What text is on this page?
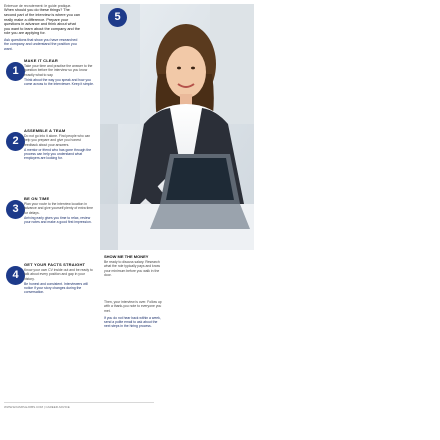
Entrevue de recrutement: le guide pratique.
When should you do these things? The second part of the interview is where you can really make a difference. Prepare your questions in advance and think about what you want to learn about the company and the role you are applying for.
Ask questions that show you have researched the company and understand the position you want.
5
1
MAKE IT CLEAR
Take your time and practise the answer to the question before the interview so you know exactly what to say.
Think about the way you speak and how you come across to the interviewer. Keep it simple.
2
ASSEMBLE A TEAM
Do not go into it alone. Find people who can help you prepare and give you honest feedback about your answers.
A mentor or friend who has gone through the process can help you understand what employers are looking for.
3
BE ON TIME
Plan your route to the interview location in advance and give yourself plenty of extra time for delays.
Arriving early gives you time to relax, review your notes and make a good first impression.
4
GET YOUR FACTS STRAIGHT
Know your own CV inside out and be ready to talk about every position and gap in your history.
Be honest and consistent. Interviewers will notice if your story changes during the conversation.
SHOW ME THE MONEY
Be ready to discuss salary. Research what the role typically pays and know your minimum before you walk in the door.
Then, your interview is over. Follow up with a thank-you note to everyone you met.
If you do not hear back within a week, send a polite email to ask about the next steps in the hiring process.
WWW.EXAMPLEJOBS.COM | CAREER ADVICE
